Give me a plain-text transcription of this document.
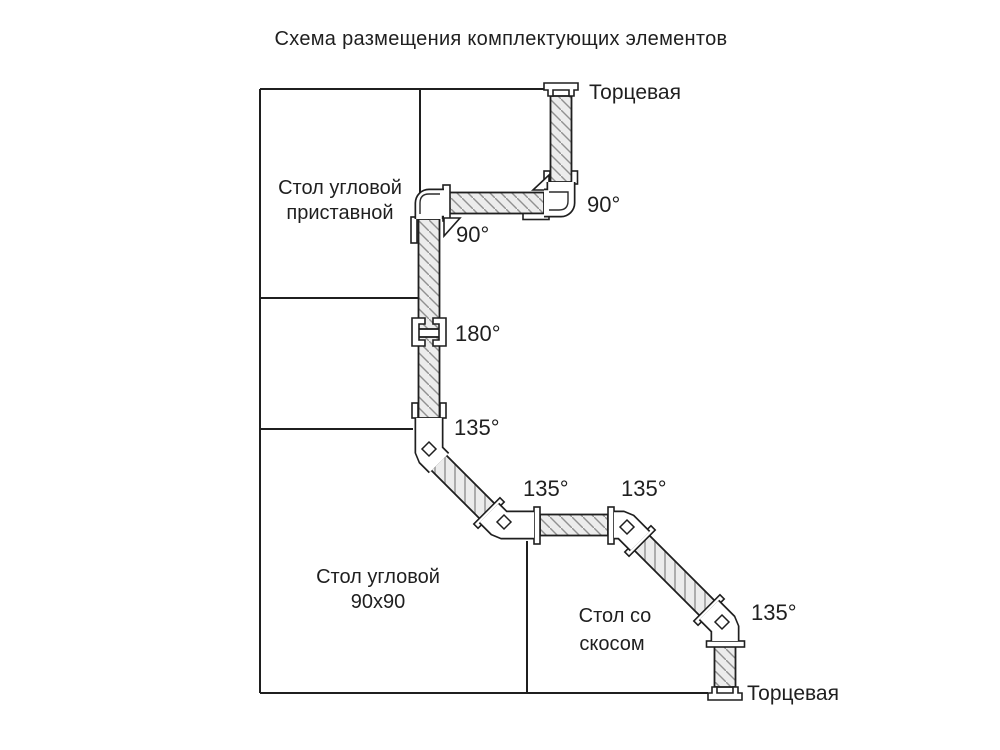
Схема размещения комплектующих элементов
Торцевая
90°
90°
180°
135°
135° 135°
135°
Торцевая
Стол угловой
приставной
Стол угловой
90х90
Стол со
скосом
